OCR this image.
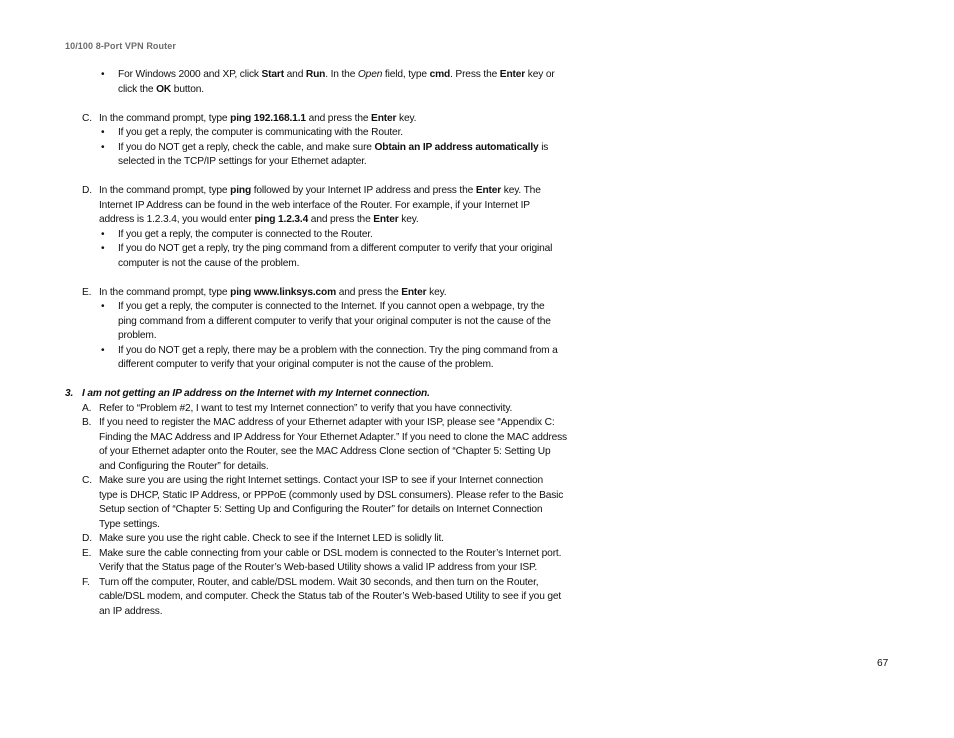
10/100 8-Port VPN Router
• For Windows 2000 and XP, click Start and Run. In the Open field, type cmd. Press the Enter key or
click the OK button.
C. In the command prompt, type ping 192.168.1.1 and press the Enter key.
• If you get a reply, the computer is communicating with the Router.
• If you do NOT get a reply, check the cable, and make sure Obtain an IP address automatically is
selected in the TCP/IP settings for your Ethernet adapter.
D. In the command prompt, type ping followed by your Internet IP address and press the Enter key. The
Internet IP Address can be found in the web interface of the Router. For example, if your Internet IP
address is 1.2.3.4, you would enter ping 1.2.3.4 and press the Enter key.
• If you get a reply, the computer is connected to the Router.
• If you do NOT get a reply, try the ping command from a different computer to verify that your original
computer is not the cause of the problem.
E. In the command prompt, type ping www.linksys.com and press the Enter key.
• If you get a reply, the computer is connected to the Internet. If you cannot open a webpage, try the
ping command from a different computer to verify that your original computer is not the cause of the
problem.
• If you do NOT get a reply, there may be a problem with the connection. Try the ping command from a
different computer to verify that your original computer is not the cause of the problem.
3. I am not getting an IP address on the Internet with my Internet connection.
A. Refer to “Problem #2, I want to test my Internet connection” to verify that you have connectivity.
B. If you need to register the MAC address of your Ethernet adapter with your ISP, please see “Appendix C:
Finding the MAC Address and IP Address for Your Ethernet Adapter.” If you need to clone the MAC address
of your Ethernet adapter onto the Router, see the MAC Address Clone section of “Chapter 5: Setting Up
and Configuring the Router” for details.
C. Make sure you are using the right Internet settings. Contact your ISP to see if your Internet connection
type is DHCP, Static IP Address, or PPPoE (commonly used by DSL consumers). Please refer to the Basic
Setup section of “Chapter 5: Setting Up and Configuring the Router” for details on Internet Connection
Type settings.
D. Make sure you use the right cable. Check to see if the Internet LED is solidly lit.
E. Make sure the cable connecting from your cable or DSL modem is connected to the Router’s Internet port.
Verify that the Status page of the Router’s Web-based Utility shows a valid IP address from your ISP.
F. Turn off the computer, Router, and cable/DSL modem. Wait 30 seconds, and then turn on the Router,
cable/DSL modem, and computer. Check the Status tab of the Router’s Web-based Utility to see if you get
an IP address.
67
